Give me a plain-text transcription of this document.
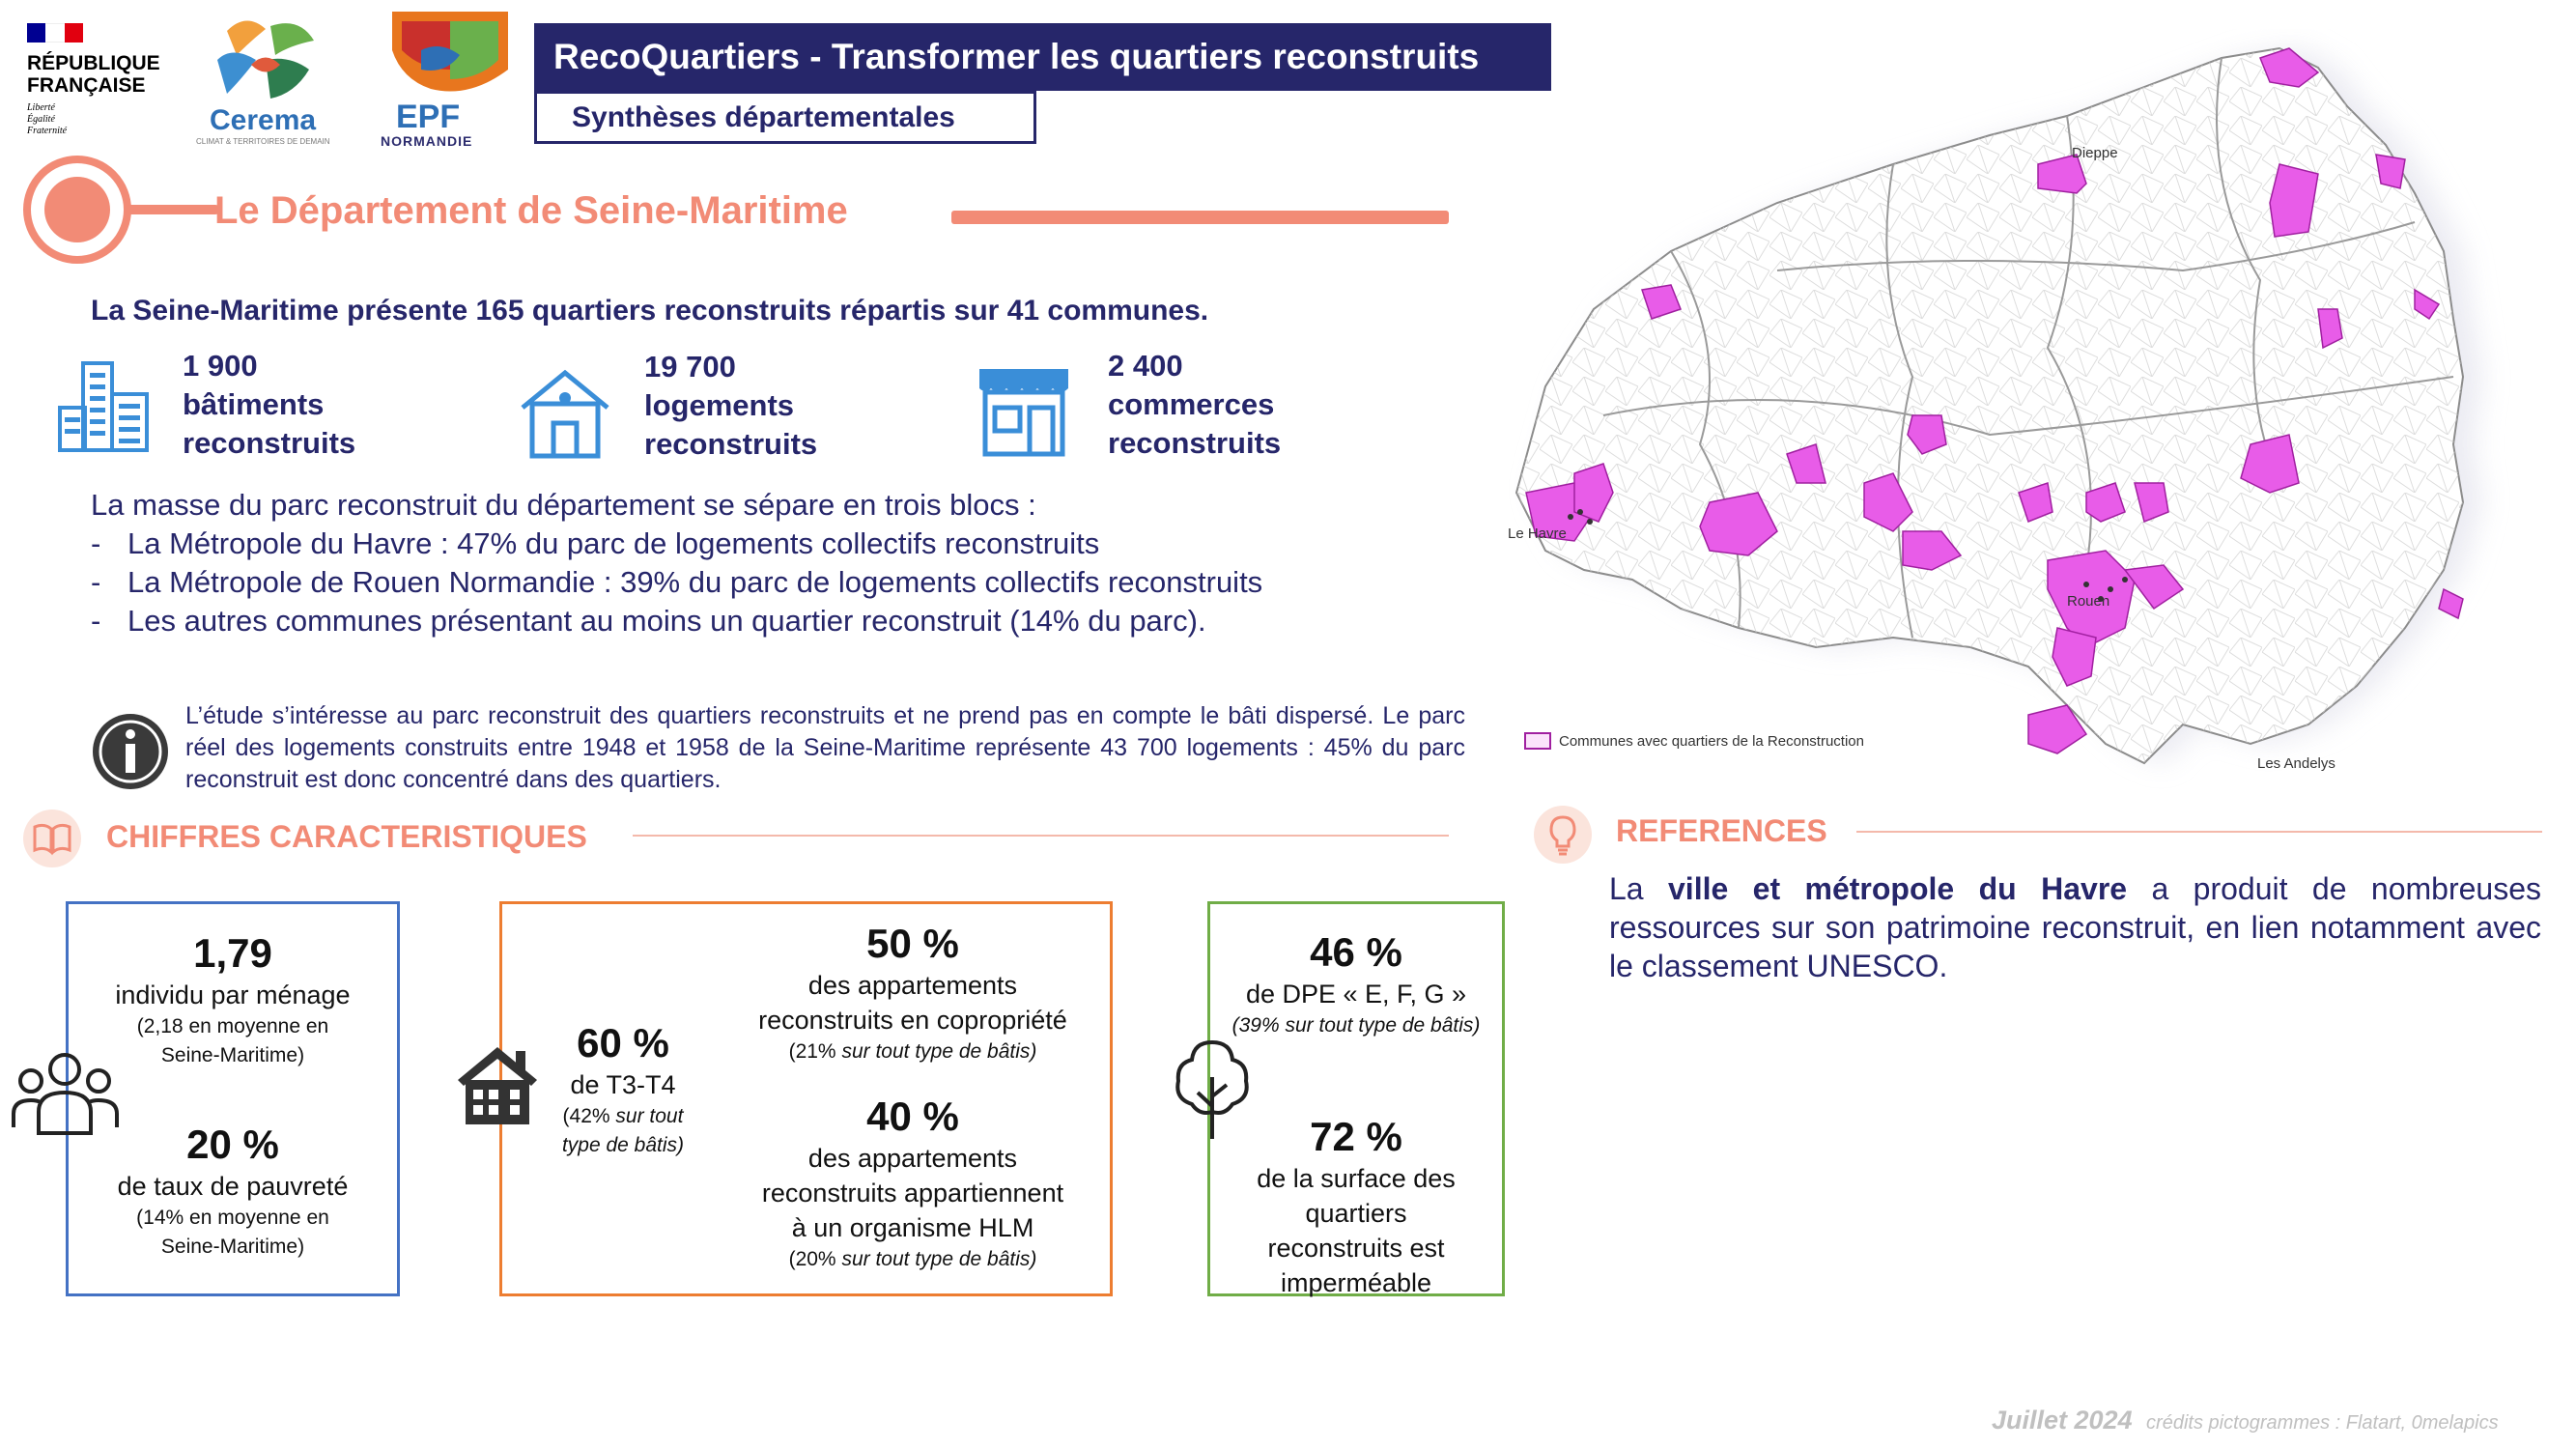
RÉPUBLIQUE
FRANÇAISE
Liberté
Égalité
Fraternité	Cerema
CLIMAT & TERRITOIRES DE DEMAIN
EPF
NORMANDIE
RecoQuartiers - Transformer les quartiers reconstruits
Synthèses départementales
Le Département de Seine-Maritime
La Seine-Maritime présente 165 quartiers reconstruits répartis sur 41 communes.
1 900
bâtiments
reconstruits
19 700
logements
reconstruits
2 400
commerces
reconstruits
La masse du parc reconstruit du département se sépare en trois blocs :
- La Métropole du Havre : 47% du parc de logements collectifs reconstruits
- La Métropole de Rouen Normandie : 39% du parc de logements collectifs reconstruits
- Les autres communes présentant au moins un quartier reconstruit (14% du parc).
L’étude s’intéresse au parc reconstruit des quartiers reconstruits et ne prend pas en compte le bâti dispersé. Le parc réel des logements construits entre 1948 et 1958 de la Seine-Maritime représente 43 700 logements : 45% du parc reconstruit est donc concentré dans des quartiers.
Dieppe
Le Havre
Rouen
Les Andelys
Communes avec quartiers de la Reconstruction
CHIFFRES CARACTERISTIQUES
1,79
individu par ménage
(2,18 en moyenne en
Seine-Maritime)
20 %
de taux de pauvreté
(14% en moyenne en
Seine-Maritime)
60 %
de T3-T4
(42% sur tout
type de bâtis)
50 %
des appartements
reconstruits en copropriété
(21% sur tout type de bâtis)
40 %
des appartements
reconstruits appartiennent
à un organisme HLM
(20% sur tout type de bâtis)
46 %
de DPE « E, F, G »
(39% sur tout type de bâtis)
72 %
de la surface des
quartiers
reconstruits est
imperméable
REFERENCES
La ville et métropole du Havre a produit de nombreuses ressources sur son patrimoine reconstruit, en lien notamment avec le classement UNESCO.
Juillet 2024 crédits pictogrammes : Flatart, 0melapics
